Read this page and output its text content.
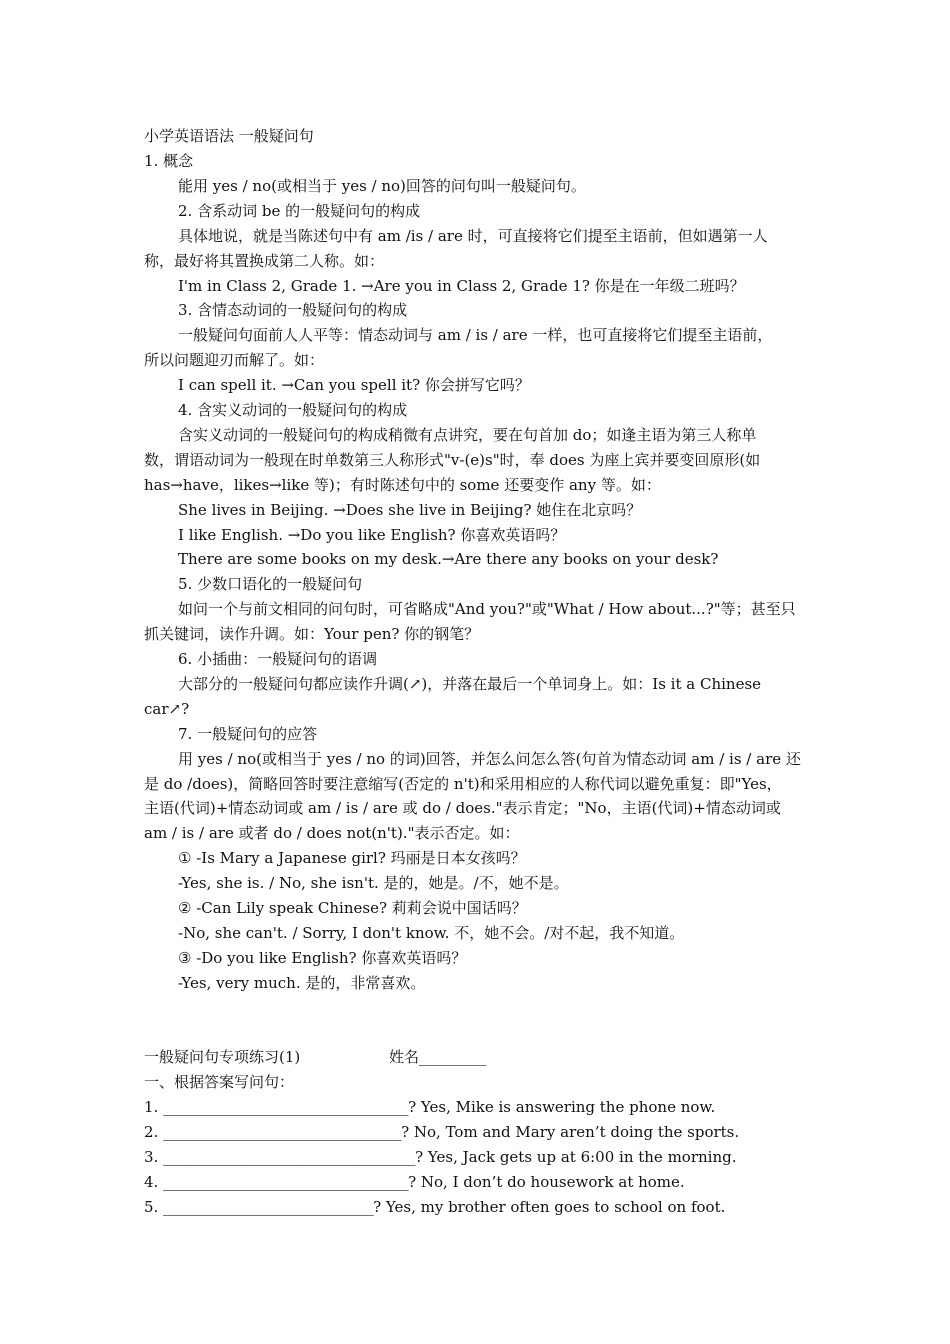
小学英语语法 一般疑问句
1. 概念
能用 yes / no(或相当于 yes / no)回答的问句叫一般疑问句。
2. 含系动词 be 的一般疑问句的构成
具体地说，就是当陈述句中有 am /is / are 时，可直接将它们提至主语前，但如遇第一人
称，最好将其置换成第二人称。如：
I'm in Class 2, Grade 1. →Are you in Class 2, Grade 1? 你是在一年级二班吗？
3. 含情态动词的一般疑问句的构成
一般疑问句面前人人平等：情态动词与 am / is / are 一样，也可直接将它们提至主语前，
所以问题迎刃而解了。如：
I can spell it. →Can you spell it? 你会拼写它吗？
4. 含实义动词的一般疑问句的构成
含实义动词的一般疑问句的构成稍微有点讲究，要在句首加 do；如逢主语为第三人称单
数，谓语动词为一般现在时单数第三人称形式"v-(e)s"时，奉 does 为座上宾并要变回原形(如
has→have，likes→like 等)；有时陈述句中的 some 还要变作 any 等。如：
She lives in Beijing. →Does she live in Beijing? 她住在北京吗？
I like English. →Do you like English? 你喜欢英语吗？
There are some books on my desk.→Are there any books on your desk?
5. 少数口语化的一般疑问句
如问一个与前文相同的问句时，可省略成"And you?"或"What / How about...?"等；甚至只
抓关键词，读作升调。如：Your pen? 你的钢笔？
6. 小插曲：一般疑问句的语调
大部分的一般疑问句都应读作升调(↗)，并落在最后一个单词身上。如：Is it a Chinese
car↗?
7. 一般疑问句的应答
用 yes / no(或相当于 yes / no 的词)回答，并怎么问怎么答(句首为情态动词 am / is / are 还
是 do /does)，简略回答时要注意缩写(否定的 n't)和采用相应的人称代词以避免重复：即"Yes，
主语(代词)+情态动词或 am / is / are 或 do / does."表示肯定；"No，主语(代词)+情态动词或
am / is / are 或者 do / does not(n't)."表示否定。如：
① -Is Mary a Japanese girl? 玛丽是日本女孩吗？
-Yes, she is. / No, she isn't. 是的，她是。/不，她不是。
② -Can Lily speak Chinese? 莉莉会说中国话吗？
-No, she can't. / Sorry, I don't know. 不，她不会。/对不起，我不知道。
③ -Do you like English? 你喜欢英语吗？
-Yes, very much. 是的，非常喜欢。
一般疑问句专项练习(1)	姓名_________
一、根据答案写问句：
1. ___________________________________? Yes, Mike is answering the phone now.
2. __________________________________? No, Tom and Mary aren’t doing the sports.
3. ____________________________________? Yes, Jack gets up at 6:00 in the morning.
4. ___________________________________? No, I don’t do housework at home.
5. ______________________________? Yes, my brother often goes to school on foot.
